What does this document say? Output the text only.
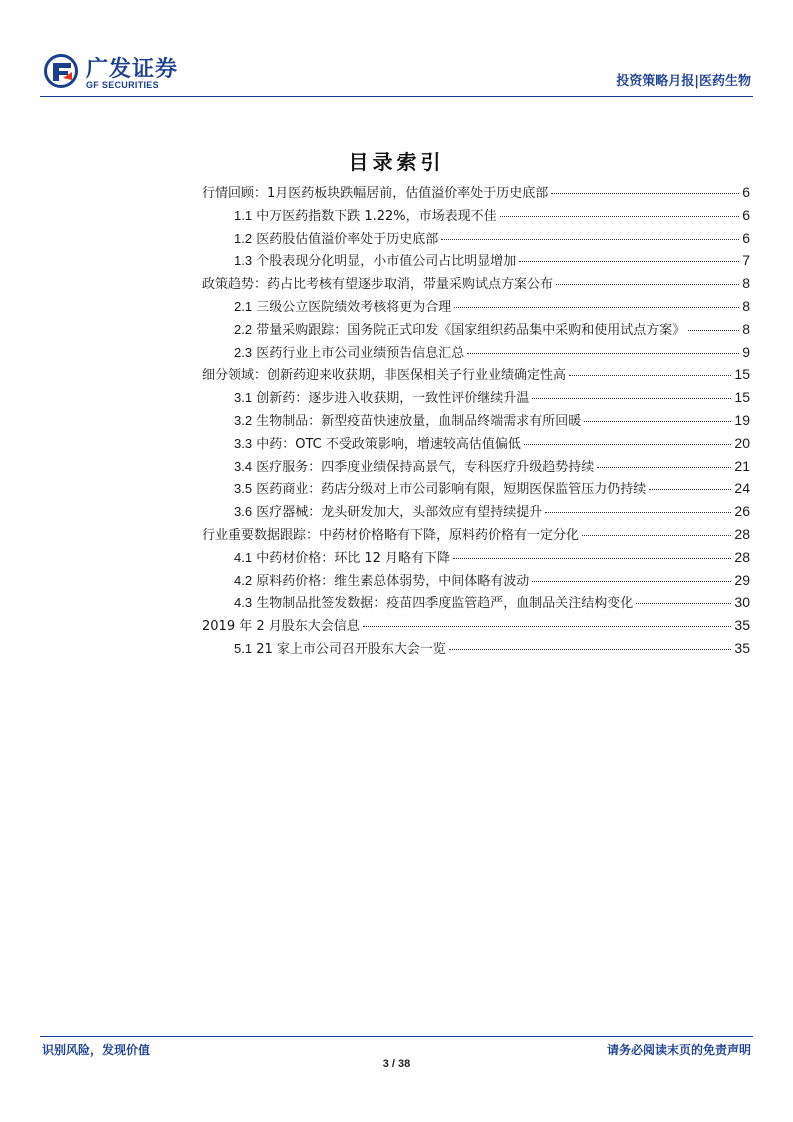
广发证券
GF SECURITIES	投资策略月报|医药生物
目录索引
行情回顾：1月医药板块跌幅居前，估值溢价率处于历史底部	6
1.1 中万医药指数下跌 1.22%，市场表现不佳	6
1.2 医药股估值溢价率处于历史底部	6
1.3 个股表现分化明显，小市值公司占比明显增加	7
政策趋势：药占比考核有望逐步取消，带量采购试点方案公布	8
2.1 三级公立医院绩效考核将更为合理	8
2.2 带量采购跟踪：国务院正式印发《国家组织药品集中采购和使用试点方案》	8
2.3 医药行业上市公司业绩预告信息汇总	9
细分领域：创新药迎来收获期，非医保相关子行业业绩确定性高	15
3.1 创新药：逐步进入收获期，一致性评价继续升温	15
3.2 生物制品：新型疫苗快速放量，血制品终端需求有所回暖	19
3.3 中药：OTC 不受政策影响，增速较高估值偏低	20
3.4 医疗服务：四季度业绩保持高景气，专科医疗升级趋势持续	21
3.5 医药商业：药店分级对上市公司影响有限，短期医保监管压力仍持续	24
3.6 医疗器械：龙头研发加大，头部效应有望持续提升	26
行业重要数据跟踪：中药材价格略有下降，原料药价格有一定分化	28
4.1 中药材价格：环比 12 月略有下降	28
4.2 原料药价格：维生素总体弱势，中间体略有波动	29
4.3 生物制品批签发数据：疫苗四季度监管趋严，血制品关注结构变化	30
2019 年 2 月股东大会信息	35
5.1 21 家上市公司召开股东大会一览	35
识别风险，发现价值	请务必阅读末页的免责声明
3 / 38
